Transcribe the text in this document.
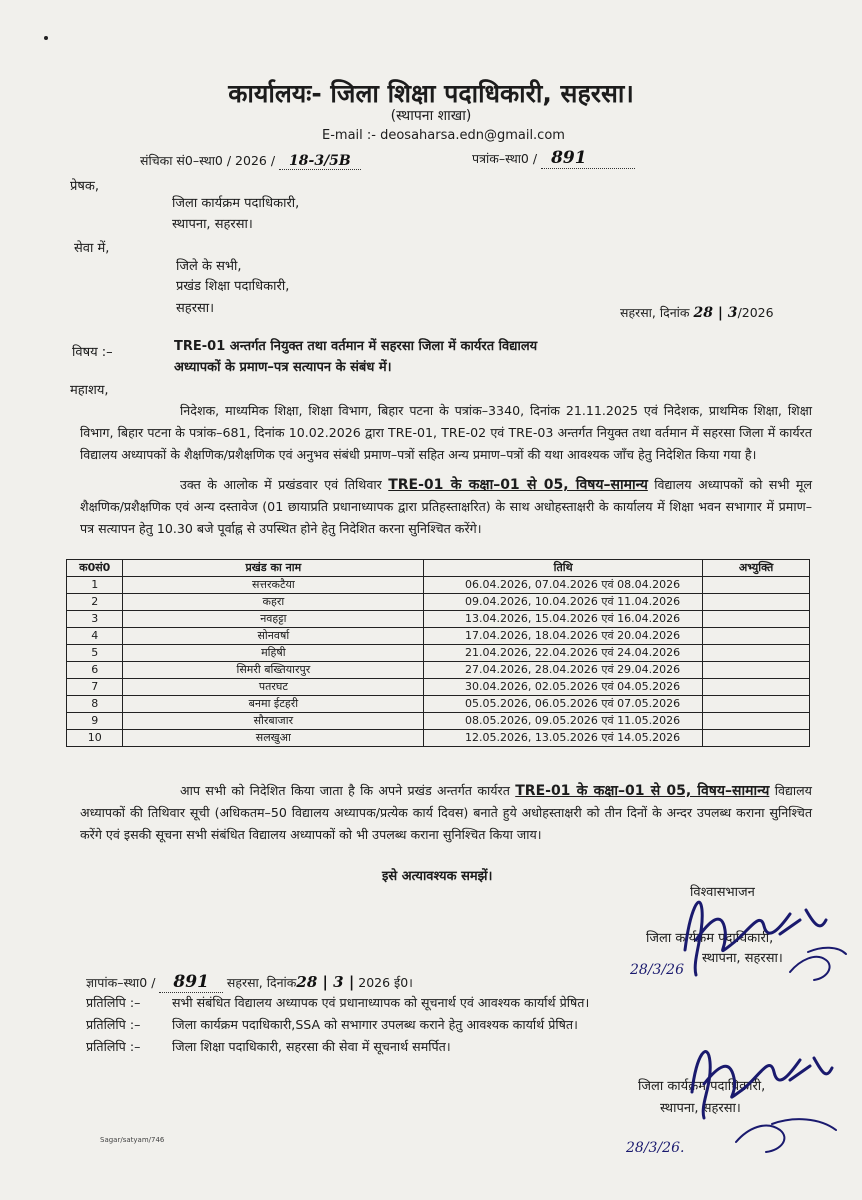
कार्यालयः- जिला शिक्षा पदाधिकारी, सहरसा।
(स्थापना शाखा)
E-mail :- deosaharsa.edn@gmail.com
संचिका सं0–स्था0 / 2026 / 18-3/5B	पत्रांक–स्था0 / 891
प्रेषक,
जिला कार्यक्रम पदाधिकारी,
स्थापना, सहरसा।
सेवा में,
जिले के सभी,
प्रखंड शिक्षा पदाधिकारी,
सहरसा।	सहरसा, दिनांक 28 | 3/2026
विषय :–	TRE-01 अन्तर्गत नियुक्त तथा वर्तमान में सहरसा जिला में कार्यरत विद्यालय
अध्यापकों के प्रमाण–पत्र सत्यापन के संबंध में।
महाशय,

निदेशक, माध्यमिक शिक्षा, शिक्षा विभाग, बिहार पटना के पत्रांक–3340, दिनांक 21.11.2025 एवं निदेशक, प्राथमिक शिक्षा, शिक्षा विभाग, बिहार पटना के पत्रांक–681, दिनांक 10.02.2026 द्वारा TRE-01, TRE-02 एवं TRE-03 अन्तर्गत नियुक्त तथा वर्तमान में सहरसा जिला में कार्यरत विद्यालय अध्यापकों के शैक्षणिक/प्रशैक्षणिक एवं अनुभव संबंधी प्रमाण–पत्रों सहित अन्य प्रमाण–पत्रों की यथा आवश्यक जाँच हेतु निदेशित किया गया है।

उक्त के आलोक में प्रखंडवार एवं तिथिवार TRE-01 के कक्षा–01 से 05, विषय–सामान्य विद्यालय अध्यापकों को सभी मूल शैक्षणिक/प्रशैक्षणिक एवं अन्य दस्तावेज (01 छायाप्रति प्रधानाध्यापक द्वारा प्रतिहस्ताक्षरित) के साथ अधोहस्ताक्षरी के कार्यालय में शिक्षा भवन सभागार में प्रमाण–पत्र सत्यापन हेतु 10.30 बजे पूर्वाह्न से उपस्थित होने हेतु निदेशित करना सुनिश्चित करेंगे।

क0सं0	प्रखंड का नाम	तिथि	अभ्युक्ति
1	सत्तरकटैया	06.04.2026, 07.04.2026 एवं 08.04.2026	
2	कहरा	09.04.2026, 10.04.2026 एवं 11.04.2026	
3	नवहट्टा	13.04.2026, 15.04.2026 एवं 16.04.2026	
4	सोनवर्षा	17.04.2026, 18.04.2026 एवं 20.04.2026	
5	महिषी	21.04.2026, 22.04.2026 एवं 24.04.2026	
6	सिमरी बख्तियारपुर	27.04.2026, 28.04.2026 एवं 29.04.2026	
7	पतरघट	30.04.2026, 02.05.2026 एवं 04.05.2026	
8	बनमा ईटहरी	05.05.2026, 06.05.2026 एवं 07.05.2026	
9	सौरबाजार	08.05.2026, 09.05.2026 एवं 11.05.2026	
10	सलखुआ	12.05.2026, 13.05.2026 एवं 14.05.2026	

आप सभी को निदेशित किया जाता है कि अपने प्रखंड अन्तर्गत कार्यरत TRE-01 के कक्षा–01 से 05, विषय–सामान्य विद्यालय अध्यापकों की तिथिवार सूची (अधिकतम–50 विद्यालय अध्यापक/प्रत्येक कार्य दिवस) बनाते हुये अधोहस्ताक्षरी को तीन दिनों के अन्दर उपलब्ध कराना सुनिश्चित करेंगे एवं इसकी सूचना सभी संबंधित विद्यालय अध्यापकों को भी उपलब्ध कराना सुनिश्चित किया जाय।

इसे अत्यावश्यक समझें।
विश्वासभाजन
जिला कार्यक्रम पदाधिकारी,
स्थापना, सहरसा।
28/3/26
ज्ञापांक–स्था0 / 891 सहरसा, दिनांक28 | 3 | 2026 ई0।
प्रतिलिपि :–	सभी संबंधित विद्यालय अध्यापक एवं प्रधानाध्यापक को सूचनार्थ एवं आवश्यक कार्यार्थ प्रेषित।
प्रतिलिपि :–	जिला कार्यक्रम पदाधिकारी,SSA को सभागार उपलब्ध कराने हेतु आवश्यक कार्यार्थ प्रेषित।
प्रतिलिपि :–	जिला शिक्षा पदाधिकारी, सहरसा की सेवा में सूचनार्थ समर्पित।
जिला कार्यक्रम पदाधिकारी,
स्थापना, सहरसा।
28/3/26.
Sagar/satyam/746
